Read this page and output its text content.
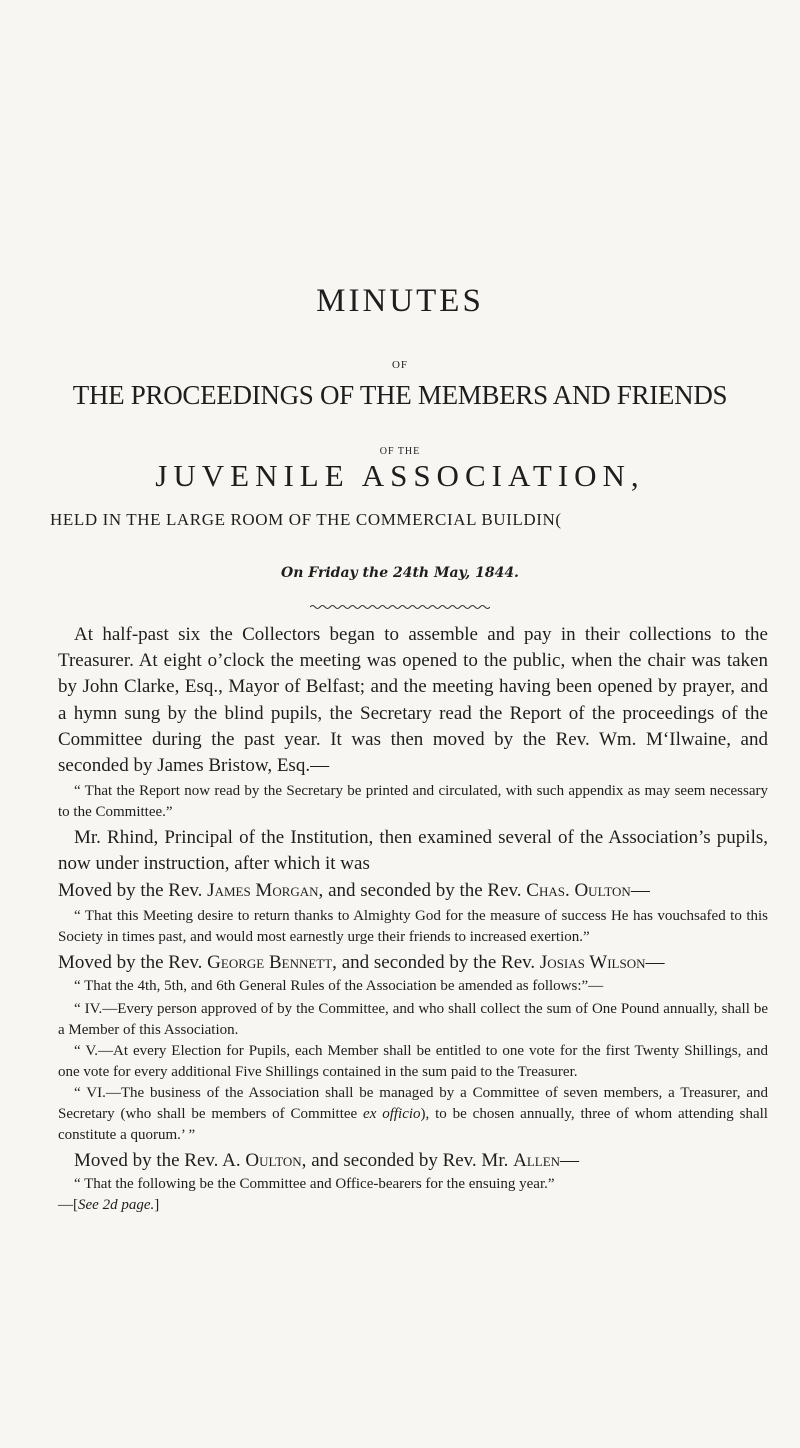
MINUTES
OF
THE PROCEEDINGS OF THE MEMBERS AND FRIENDS
OF THE
JUVENILE ASSOCIATION,
HELD IN THE LARGE ROOM OF THE COMMERCIAL BUILDIN(
On Friday the 24th May, 1844.

At half-past six the Collectors began to assemble and pay in their collections to the Treasurer. At eight o’clock the meeting was opened to the public, when the chair was taken by John Clarke, Esq., Mayor of Belfast; and the meeting having been opened by prayer, and a hymn sung by the blind pupils, the Secretary read the Report of the proceedings of the Committee during the past year. It was then moved by the Rev. Wm. M‘Ilwaine, and seconded by James Bristow, Esq.—

“ That the Report now read by the Secretary be printed and circulated, with such appendix as may seem necessary to the Committee.”

Mr. Rhind, Principal of the Institution, then examined several of the Association’s pupils, now under instruction, after which it was

Moved by the Rev. James Morgan, and seconded by the Rev. Chas. Oulton—

“ That this Meeting desire to return thanks to Almighty God for the measure of success He has vouchsafed to this Society in times past, and would most earnestly urge their friends to increased exertion.”

Moved by the Rev. George Bennett, and seconded by the Rev. Josias Wilson—

“ That the 4th, 5th, and 6th General Rules of the Association be amended as follows:”—

“ IV.—Every person approved of by the Committee, and who shall collect the sum of One Pound annually, shall be a Member of this Association.

“ V.—At every Election for Pupils, each Member shall be entitled to one vote for the first Twenty Shillings, and one vote for every additional Five Shillings contained in the sum paid to the Treasurer.

“ VI.—The business of the Association shall be managed by a Committee of seven members, a Treasurer, and Secretary (who shall be members of Committee ex officio), to be chosen annually, three of whom attending shall constitute a quorum.’ ”

Moved by the Rev. A. Oulton, and seconded by Rev. Mr. Allen—

“ That the following be the Committee and Office-bearers for the ensuing year.”

—[See 2d page.]
